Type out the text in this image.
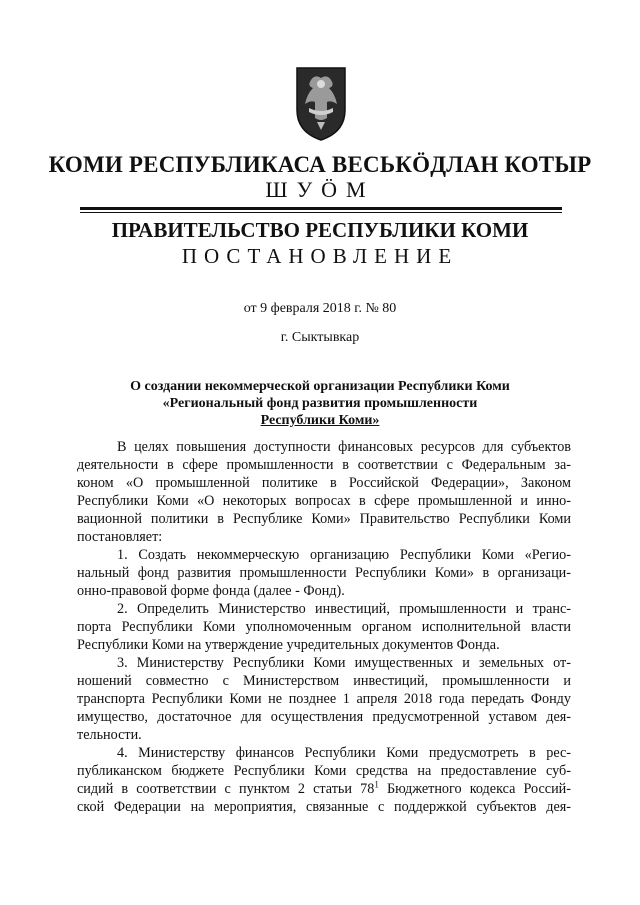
КОМИ РЕСПУБЛИКАСА ВЕСЬКӦДЛАН КОТЫР
ШУӦМ
ПРАВИТЕЛЬСТВО РЕСПУБЛИКИ КОМИ
ПОСТАНОВЛЕНИЕ
от 9 февраля 2018 г. № 80
г. Сыктывкар
О создании некоммерческой организации Республики Коми
«Региональный фонд развития промышленности
Республики Коми»
В целях повышения доступности финансовых ресурсов для субъектов
деятельности в сфере промышленности в соответствии с Федеральным за-
коном «О промышленной политике в Российской Федерации», Законом
Республики Коми «О некоторых вопросах в сфере промышленной и инно-
вационной политики в Республике Коми» Правительство Республики Коми
постановляет:
1. Создать некоммерческую организацию Республики Коми «Регио-
нальный фонд развития промышленности Республики Коми» в организаци-
онно-правовой форме фонда (далее - Фонд).
2. Определить Министерство инвестиций, промышленности и транс-
порта Республики Коми уполномоченным органом исполнительной власти
Республики Коми на утверждение учредительных документов Фонда.
3. Министерству Республики Коми имущественных и земельных от-
ношений совместно с Министерством инвестиций, промышленности и
транспорта Республики Коми не позднее 1 апреля 2018 года передать Фонду
имущество, достаточное для осуществления предусмотренной уставом дея-
тельности.
4. Министерству финансов Республики Коми предусмотреть в рес-
публиканском бюджете Республики Коми средства на предоставление суб-
сидий в соответствии с пунктом 2 статьи $78^1$ Бюджетного кодекса Россий-
ской Федерации на мероприятия, связанные с поддержкой субъектов дея-
